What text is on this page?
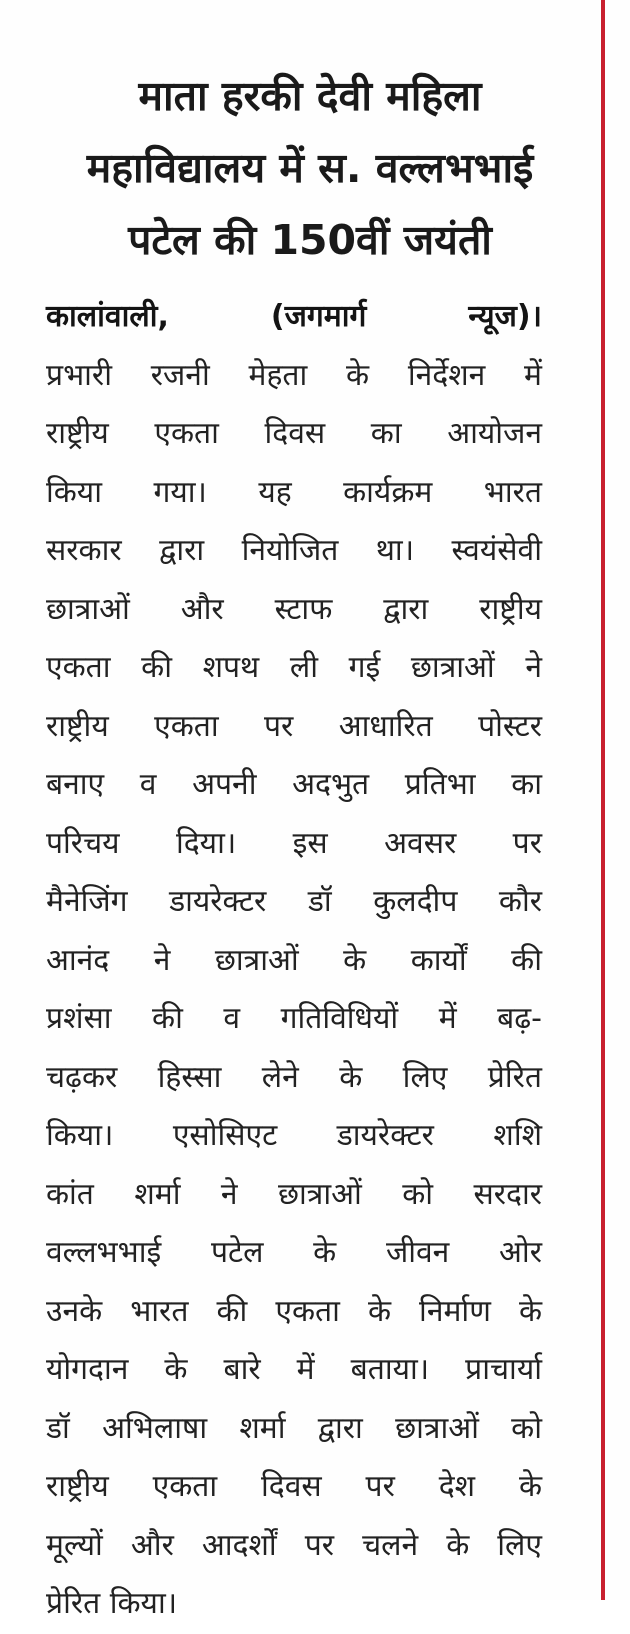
माता हरकी देवी महिला
महाविद्यालय में स. वल्लभभाई
पटेल की 150वीं जयंती
कालांवाली, (जगमार्ग न्यूज)।
प्रभारी रजनी मेहता के निर्देशन में
राष्ट्रीय एकता दिवस का आयोजन
किया गया। यह कार्यक्रम भारत
सरकार द्वारा नियोजित था। स्वयंसेवी
छात्राओं और स्टाफ द्वारा राष्ट्रीय
एकता की शपथ ली गई छात्राओं ने
राष्ट्रीय एकता पर आधारित पोस्टर
बनाए व अपनी अदभुत प्रतिभा का
परिचय दिया। इस अवसर पर
मैनेजिंग डायरेक्टर डॉ कुलदीप कौर
आनंद ने छात्राओं के कार्यों की
प्रशंसा की व गतिविधियों में बढ़-
चढ़कर हिस्सा लेने के लिए प्रेरित
किया। एसोसिएट डायरेक्टर शशि
कांत शर्मा ने छात्राओं को सरदार
वल्लभभाई पटेल के जीवन ओर
उनके भारत की एकता के निर्माण के
योगदान के बारे में बताया। प्राचार्या
डॉ अभिलाषा शर्मा द्वारा छात्राओं को
राष्ट्रीय एकता दिवस पर देश के
मूल्यों और आदर्शों पर चलने के लिए
प्रेरित किया।
